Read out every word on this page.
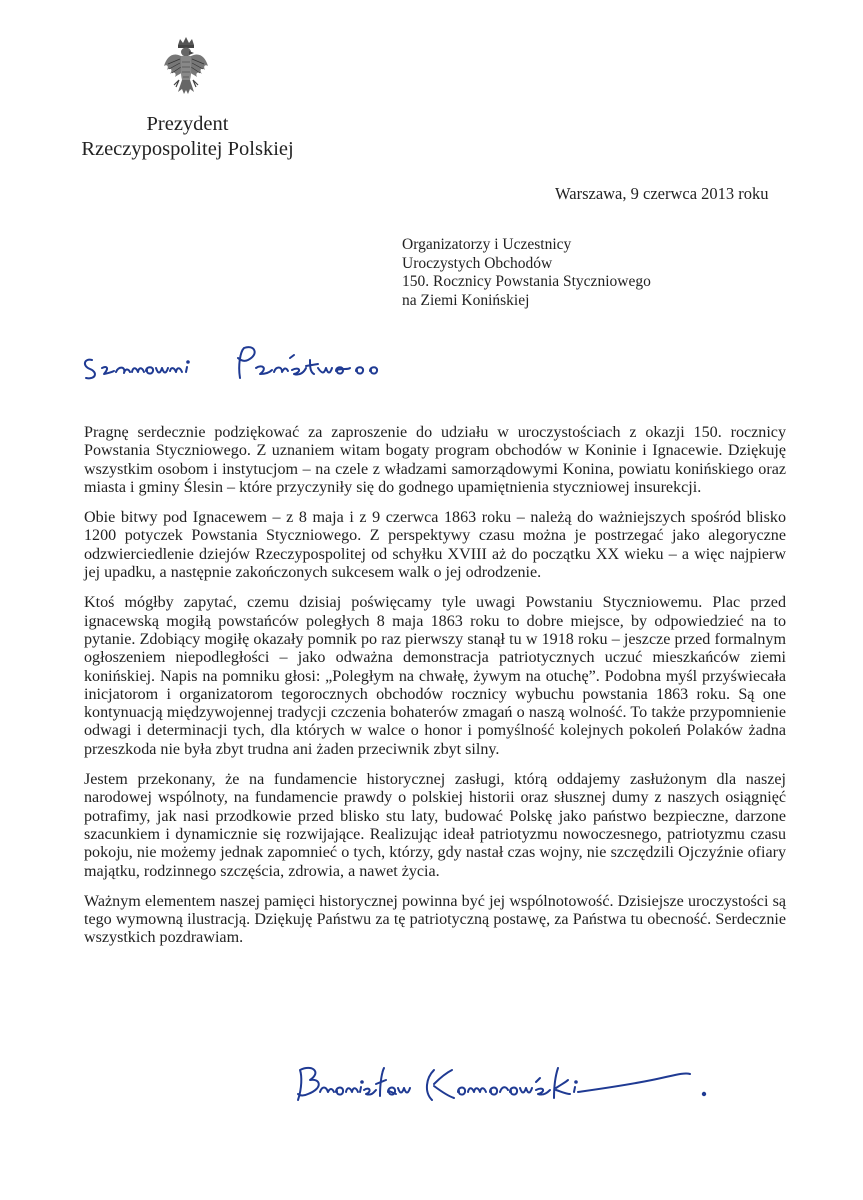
Prezydent
Rzeczypospolitej Polskiej
Warszawa, 9 czerwca 2013 roku
Organizatorzy i Uczestnicy
Uroczystych Obchodów
150. Rocznicy Powstania Styczniowego
na Ziemi Konińskiej

Pragnę serdecznie podziękować za zaproszenie do udziału w uroczystościach z okazji 150. rocznicy Powstania Styczniowego. Z uznaniem witam bogaty program obchodów w Koninie i Ignacewie. Dziękuję wszystkim osobom i instytucjom – na czele z władzami samorządowymi Konina, powiatu konińskiego oraz miasta i gminy Ślesin – które przyczyniły się do godnego upamiętnienia styczniowej insurekcji.

Obie bitwy pod Ignacewem – z 8 maja i z 9 czerwca 1863 roku – należą do ważniejszych spośród blisko 1200 potyczek Powstania Styczniowego. Z perspektywy czasu można je postrzegać jako alegoryczne odzwierciedlenie dziejów Rzeczypospolitej od schyłku XVIII aż do początku XX wieku – a więc najpierw jej upadku, a następnie zakończonych sukcesem walk o jej odrodzenie.

Ktoś mógłby zapytać, czemu dzisiaj poświęcamy tyle uwagi Powstaniu Styczniowemu. Plac przed ignacewską mogiłą powstańców poległych 8 maja 1863 roku to dobre miejsce, by odpowiedzieć na to pytanie. Zdobiący mogiłę okazały pomnik po raz pierwszy stanął tu w 1918 roku – jeszcze przed formalnym ogłoszeniem niepodległości – jako odważna demonstracja patriotycznych uczuć mieszkańców ziemi konińskiej. Napis na pomniku głosi: „Poległym na chwałę, żywym na otuchę”. Podobna myśl przyświecała inicjatorom i organizatorom tegorocznych obchodów rocznicy wybuchu powstania 1863 roku. Są one kontynuacją międzywojennej tradycji czczenia bohaterów zmagań o naszą wolność. To także przypomnienie odwagi i determinacji tych, dla których w walce o honor i pomyślność kolejnych pokoleń Polaków żadna przeszkoda nie była zbyt trudna ani żaden przeciwnik zbyt silny.

Jestem przekonany, że na fundamencie historycznej zasługi, którą oddajemy zasłużonym dla naszej narodowej wspólnoty, na fundamencie prawdy o polskiej historii oraz słusznej dumy z naszych osiągnięć potrafimy, jak nasi przodkowie przed blisko stu laty, budować Polskę jako państwo bezpieczne, darzone szacunkiem i dynamicznie się rozwijające. Realizując ideał patriotyzmu nowoczesnego, patriotyzmu czasu pokoju, nie możemy jednak zapomnieć o tych, którzy, gdy nastał czas wojny, nie szczędzili Ojczyźnie ofiary majątku, rodzinnego szczęścia, zdrowia, a nawet życia.

Ważnym elementem naszej pamięci historycznej powinna być jej wspólnotowość. Dzisiejsze uroczystości są tego wymowną ilustracją. Dziękuję Państwu za tę patriotyczną postawę, za Państwa tu obecność. Serdecznie wszystkich pozdrawiam.
